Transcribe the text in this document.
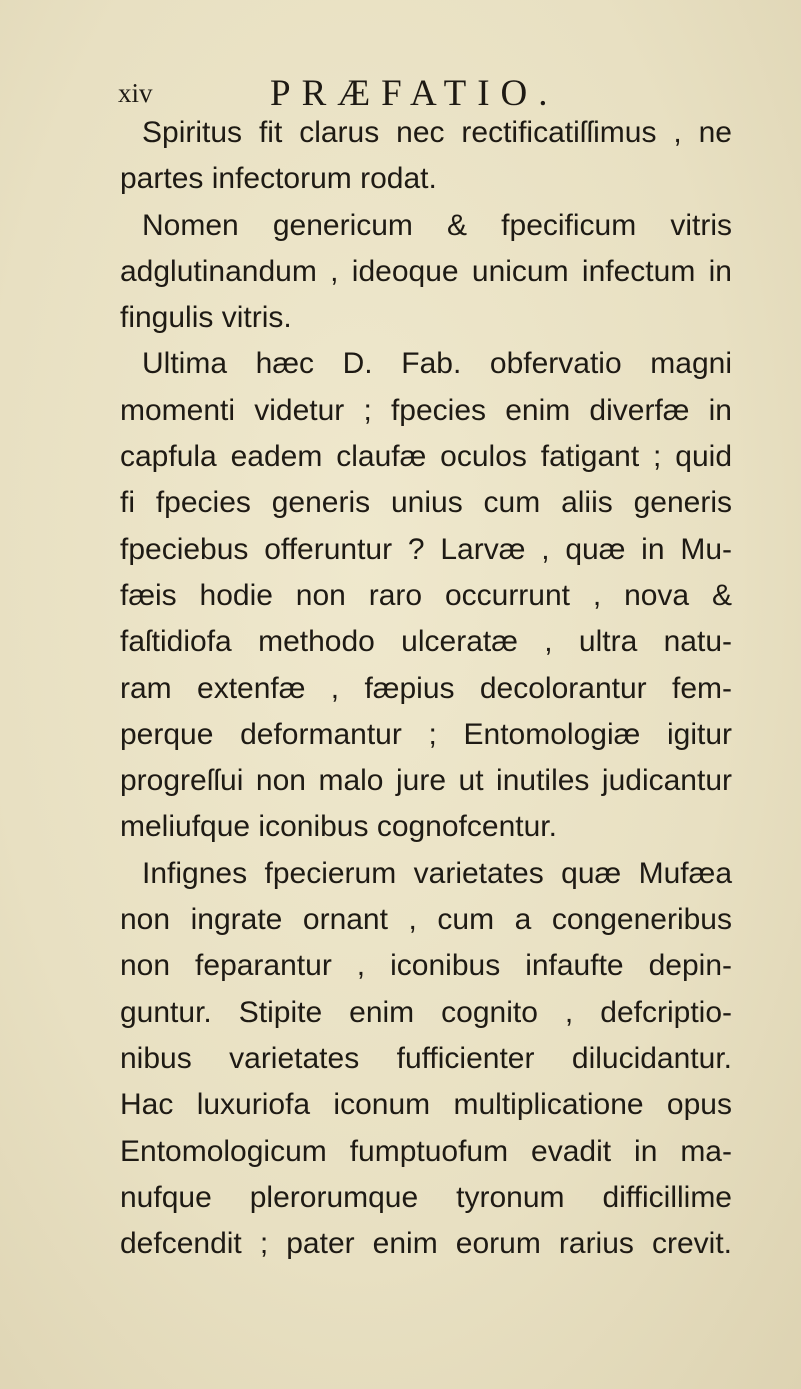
xiv	PRÆFATIO.

Spiritus fit clarus nec rectificatiſſimus , ne
partes infectorum rodat.

Nomen genericum & fpecificum vitris
adglutinandum , ideoque unicum infectum in
fingulis vitris.

Ultima hæc D. Fab. obfervatio magni
momenti videtur ; fpecies enim diverfæ in
capfula eadem claufæ oculos fatigant ; quid
fi fpecies generis unius cum aliis generis
fpeciebus offeruntur ? Larvæ , quæ in Mu-
fæis hodie non raro occurrunt , nova &
faſtidiofa methodo ulceratæ , ultra natu-
ram extenfæ , fæpius decolorantur fem-
perque deformantur ; Entomologiæ igitur
progreſſui non malo jure ut inutiles judicantur
meliufque iconibus cognofcentur.

Infignes fpecierum varietates quæ Mufæa
non ingrate ornant , cum a congeneribus
non feparantur , iconibus infaufte depin-
guntur. Stipite enim cognito , defcriptio-
nibus varietates fufficienter dilucidantur.
Hac luxuriofa iconum multiplicatione opus
Entomologicum fumptuofum evadit in ma-
nufque plerorumque tyronum difficillime
defcendit ; pater enim eorum rarius crevit.
